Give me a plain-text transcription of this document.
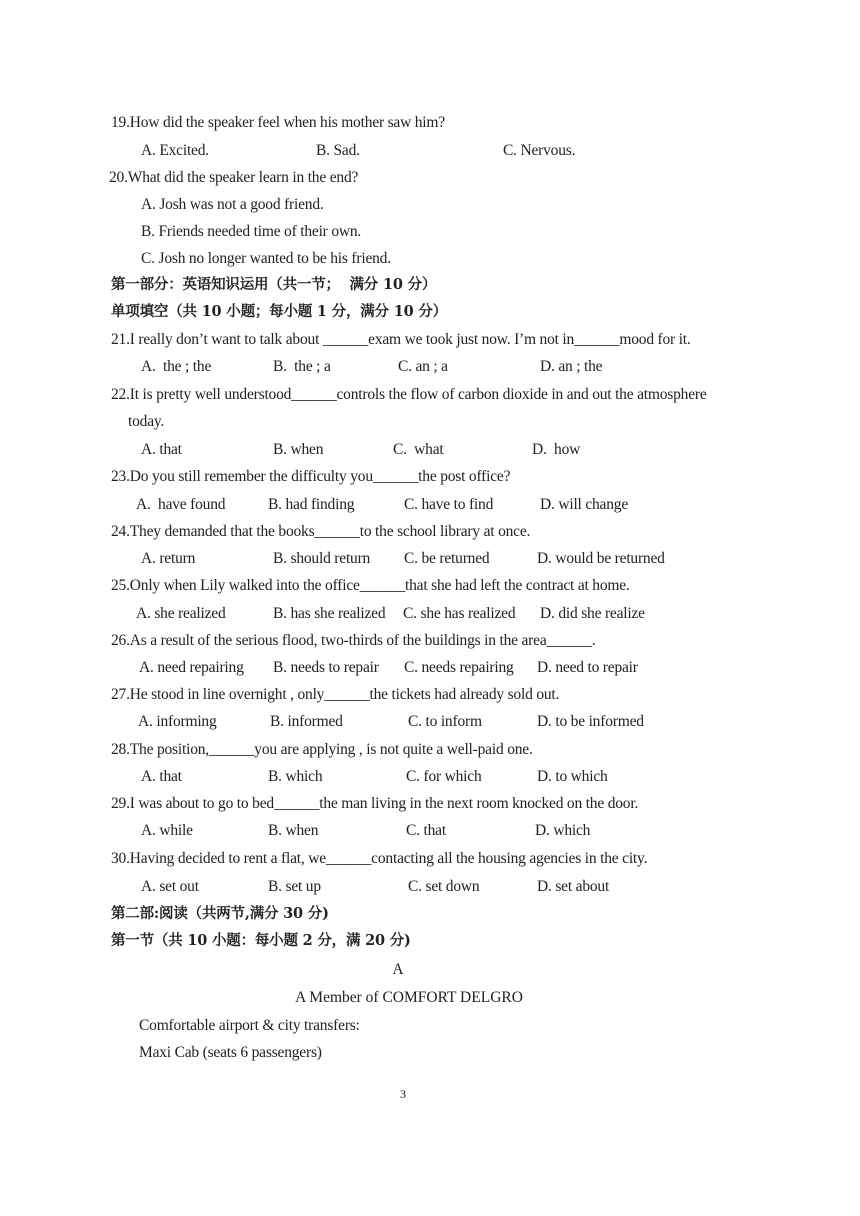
19.How did the speaker feel when his mother saw him?
A. Excited.	B. Sad.	C. Nervous.
20.What did the speaker learn in the end?
A. Josh was not a good friend.
B. Friends needed time of their own.
C. Josh no longer wanted to be his friend.
第一部分：英语知识运用（共一节；  满分 10 分）
单项填空（共 10 小题；每小题 1 分，满分 10 分）
21.I really don’t want to talk about ______exam we took just now. I’m not in______mood for it.
A.  the ; the	B.  the ; a	C. an ; a	D. an ; the
22.It is pretty well understood______controls the flow of carbon dioxide in and out the atmosphere
today.
A. that	B. when	C.  what	D.  how
23.Do you still remember the difficulty you______the post office?
A.  have found	B. had finding	C. have to find	D. will change
24.They demanded that the books______to the school library at once.
A. return	B. should return C. be returned	D. would be returned
25.Only when Lily walked into the office______that she had left the contract at home.
A. she realized	B. has she realized C. she has realized D. did she realize
26.As a result of the serious flood, two-thirds of the buildings in the area______.
A. need repairing B. needs to repair C. needs repairing D. need to repair
27.He stood in line overnight , only______the tickets had already sold out.
A. informing	B. informed	C. to inform	D. to be informed
28.The position,______you are applying , is not quite a well-paid one.
A. that	B. which	C. for which	D. to which
29.I was about to go to bed______the man living in the next room knocked on the door.
A. while	B. when	C. that	D. which
30.Having decided to rent a flat, we______contacting all the housing agencies in the city.
A. set out	B. set up	C. set down	D. set about
第二部:阅读（共两节,满分 30 分)
第一节（共 10 小题：每小题 2 分，满 20 分)
A
A Member of COMFORT DELGRO
Comfortable airport & city transfers:
Maxi Cab (seats 6 passengers)
3
